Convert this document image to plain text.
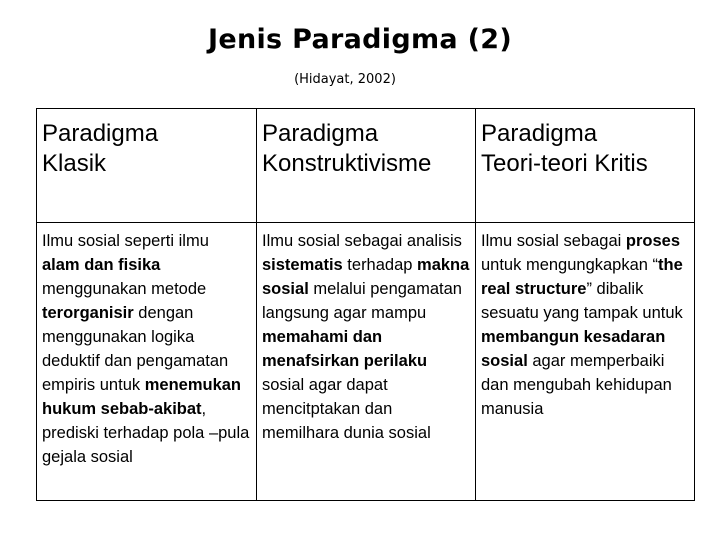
Jenis Paradigma (2)
(Hidayat, 2002)
Paradigma
Klasik	Paradigma
Konstruktivisme	Paradigma
Teori-teori Kritis
Ilmu sosial seperti ilmu alam dan fisika menggunakan metode terorganisir dengan menggunakan logika deduktif dan pengamatan empiris untuk menemukan hukum sebab-akibat, prediski terhadap pola –pula gejala sosial	Ilmu sosial sebagai analisis sistematis terhadap makna sosial melalui pengamatan langsung agar mampu memahami dan menafsirkan perilaku sosial agar dapat mencitptakan dan memilhara dunia sosial	Ilmu sosial sebagai proses untuk mengungkapkan “the real structure” dibalik sesuatu yang tampak untuk membangun kesadaran sosial agar memperbaiki dan mengubah kehidupan manusia
